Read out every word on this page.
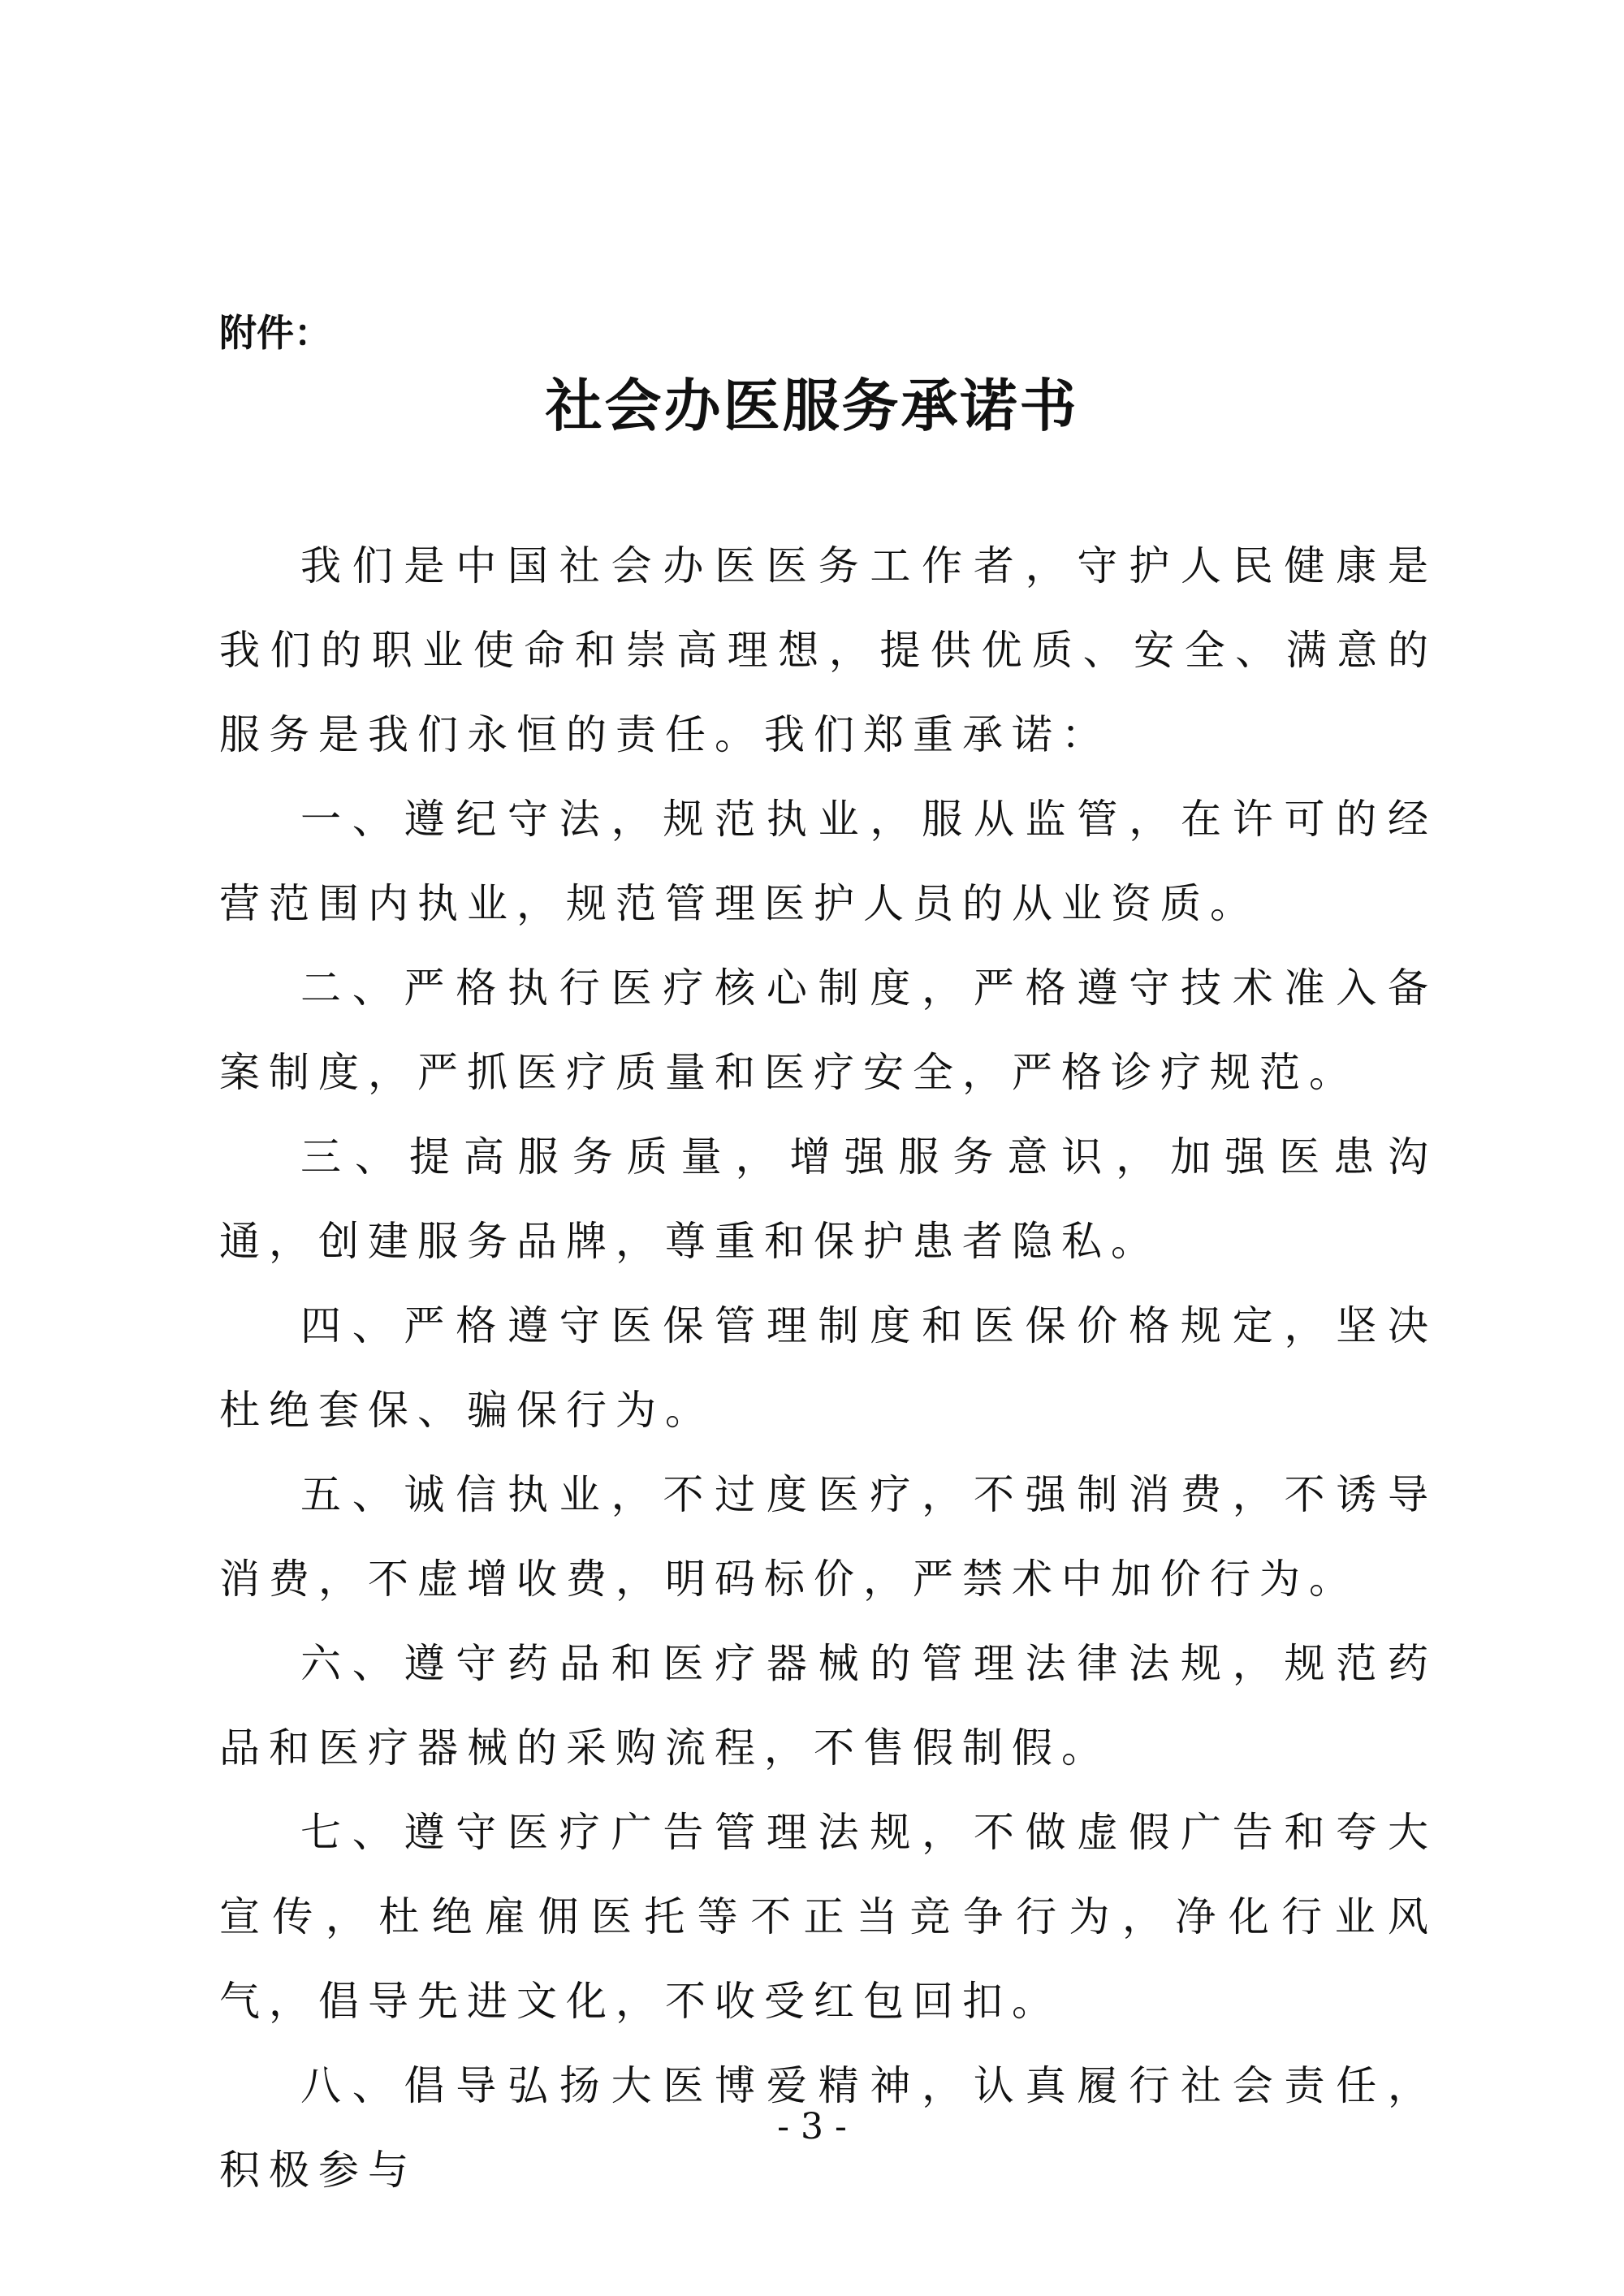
附件：
社会办医服务承诺书

我们是中国社会办医医务工作者，守护人民健康是我们的职业使命和崇高理想，提供优质、安全、满意的服务是我们永恒的责任。我们郑重承诺：

一、遵纪守法，规范执业，服从监管，在许可的经营范围内执业，规范管理医护人员的从业资质。

二、严格执行医疗核心制度，严格遵守技术准入备案制度，严抓医疗质量和医疗安全，严格诊疗规范。

三、提高服务质量，增强服务意识，加强医患沟通，创建服务品牌，尊重和保护患者隐私。

四、严格遵守医保管理制度和医保价格规定，坚决杜绝套保、骗保行为。

五、诚信执业，不过度医疗，不强制消费，不诱导消费，不虚增收费，明码标价，严禁术中加价行为。

六、遵守药品和医疗器械的管理法律法规，规范药品和医疗器械的采购流程，不售假制假。

七、遵守医疗广告管理法规，不做虚假广告和夸大宣传，杜绝雇佣医托等不正当竞争行为，净化行业风气，倡导先进文化，不收受红包回扣。

八、倡导弘扬大医博爱精神，认真履行社会责任，积极参与

- 3 -
